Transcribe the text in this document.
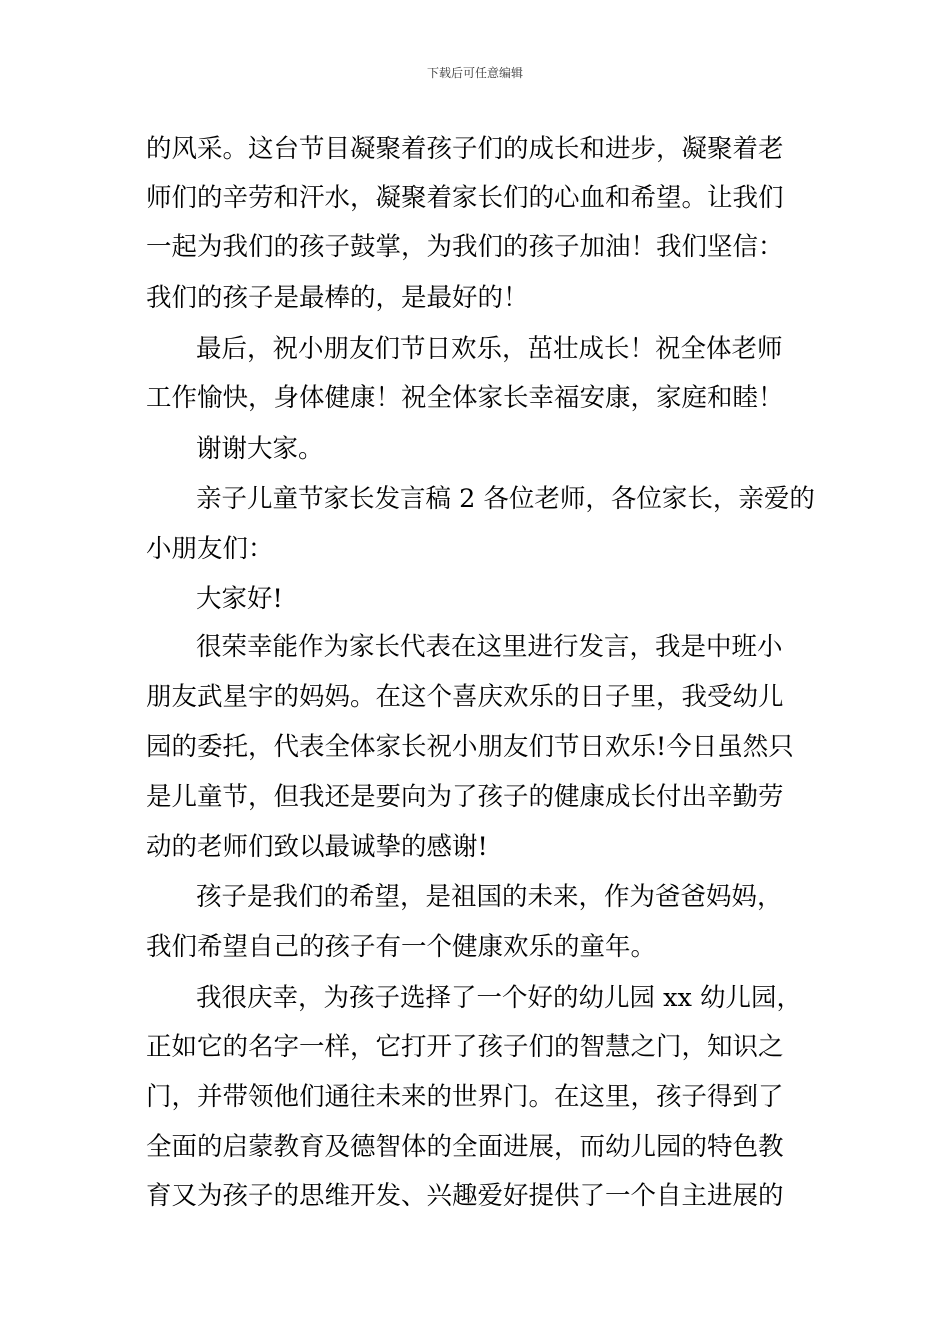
下载后可任意编辑
的风采。这台节目凝聚着孩子们的成长和进步，凝聚着老
师们的辛劳和汗水，凝聚着家长们的心血和希望。让我们
一起为我们的孩子鼓掌，为我们的孩子加油！我们坚信：
我们的孩子是最棒的，是最好的！
最后，祝小朋友们节日欢乐，茁壮成长！祝全体老师
工作愉快，身体健康！祝全体家长幸福安康，家庭和睦！
谢谢大家。
亲子儿童节家长发言稿 2 各位老师，各位家长，亲爱的
小朋友们：
大家好!
很荣幸能作为家长代表在这里进行发言，我是中班小
朋友武星宇的妈妈。在这个喜庆欢乐的日子里，我受幼儿
园的委托，代表全体家长祝小朋友们节日欢乐!今日虽然只
是儿童节，但我还是要向为了孩子的健康成长付出辛勤劳
动的老师们致以最诚挚的感谢!
孩子是我们的希望，是祖国的未来，作为爸爸妈妈，
我们希望自己的孩子有一个健康欢乐的童年。
我很庆幸，为孩子选择了一个好的幼儿园 xx 幼儿园，
正如它的名字一样，它打开了孩子们的智慧之门，知识之
门，并带领他们通往未来的世界门。在这里，孩子得到了
全面的启蒙教育及德智体的全面进展，而幼儿园的特色教
育又为孩子的思维开发、兴趣爱好提供了一个自主进展的
